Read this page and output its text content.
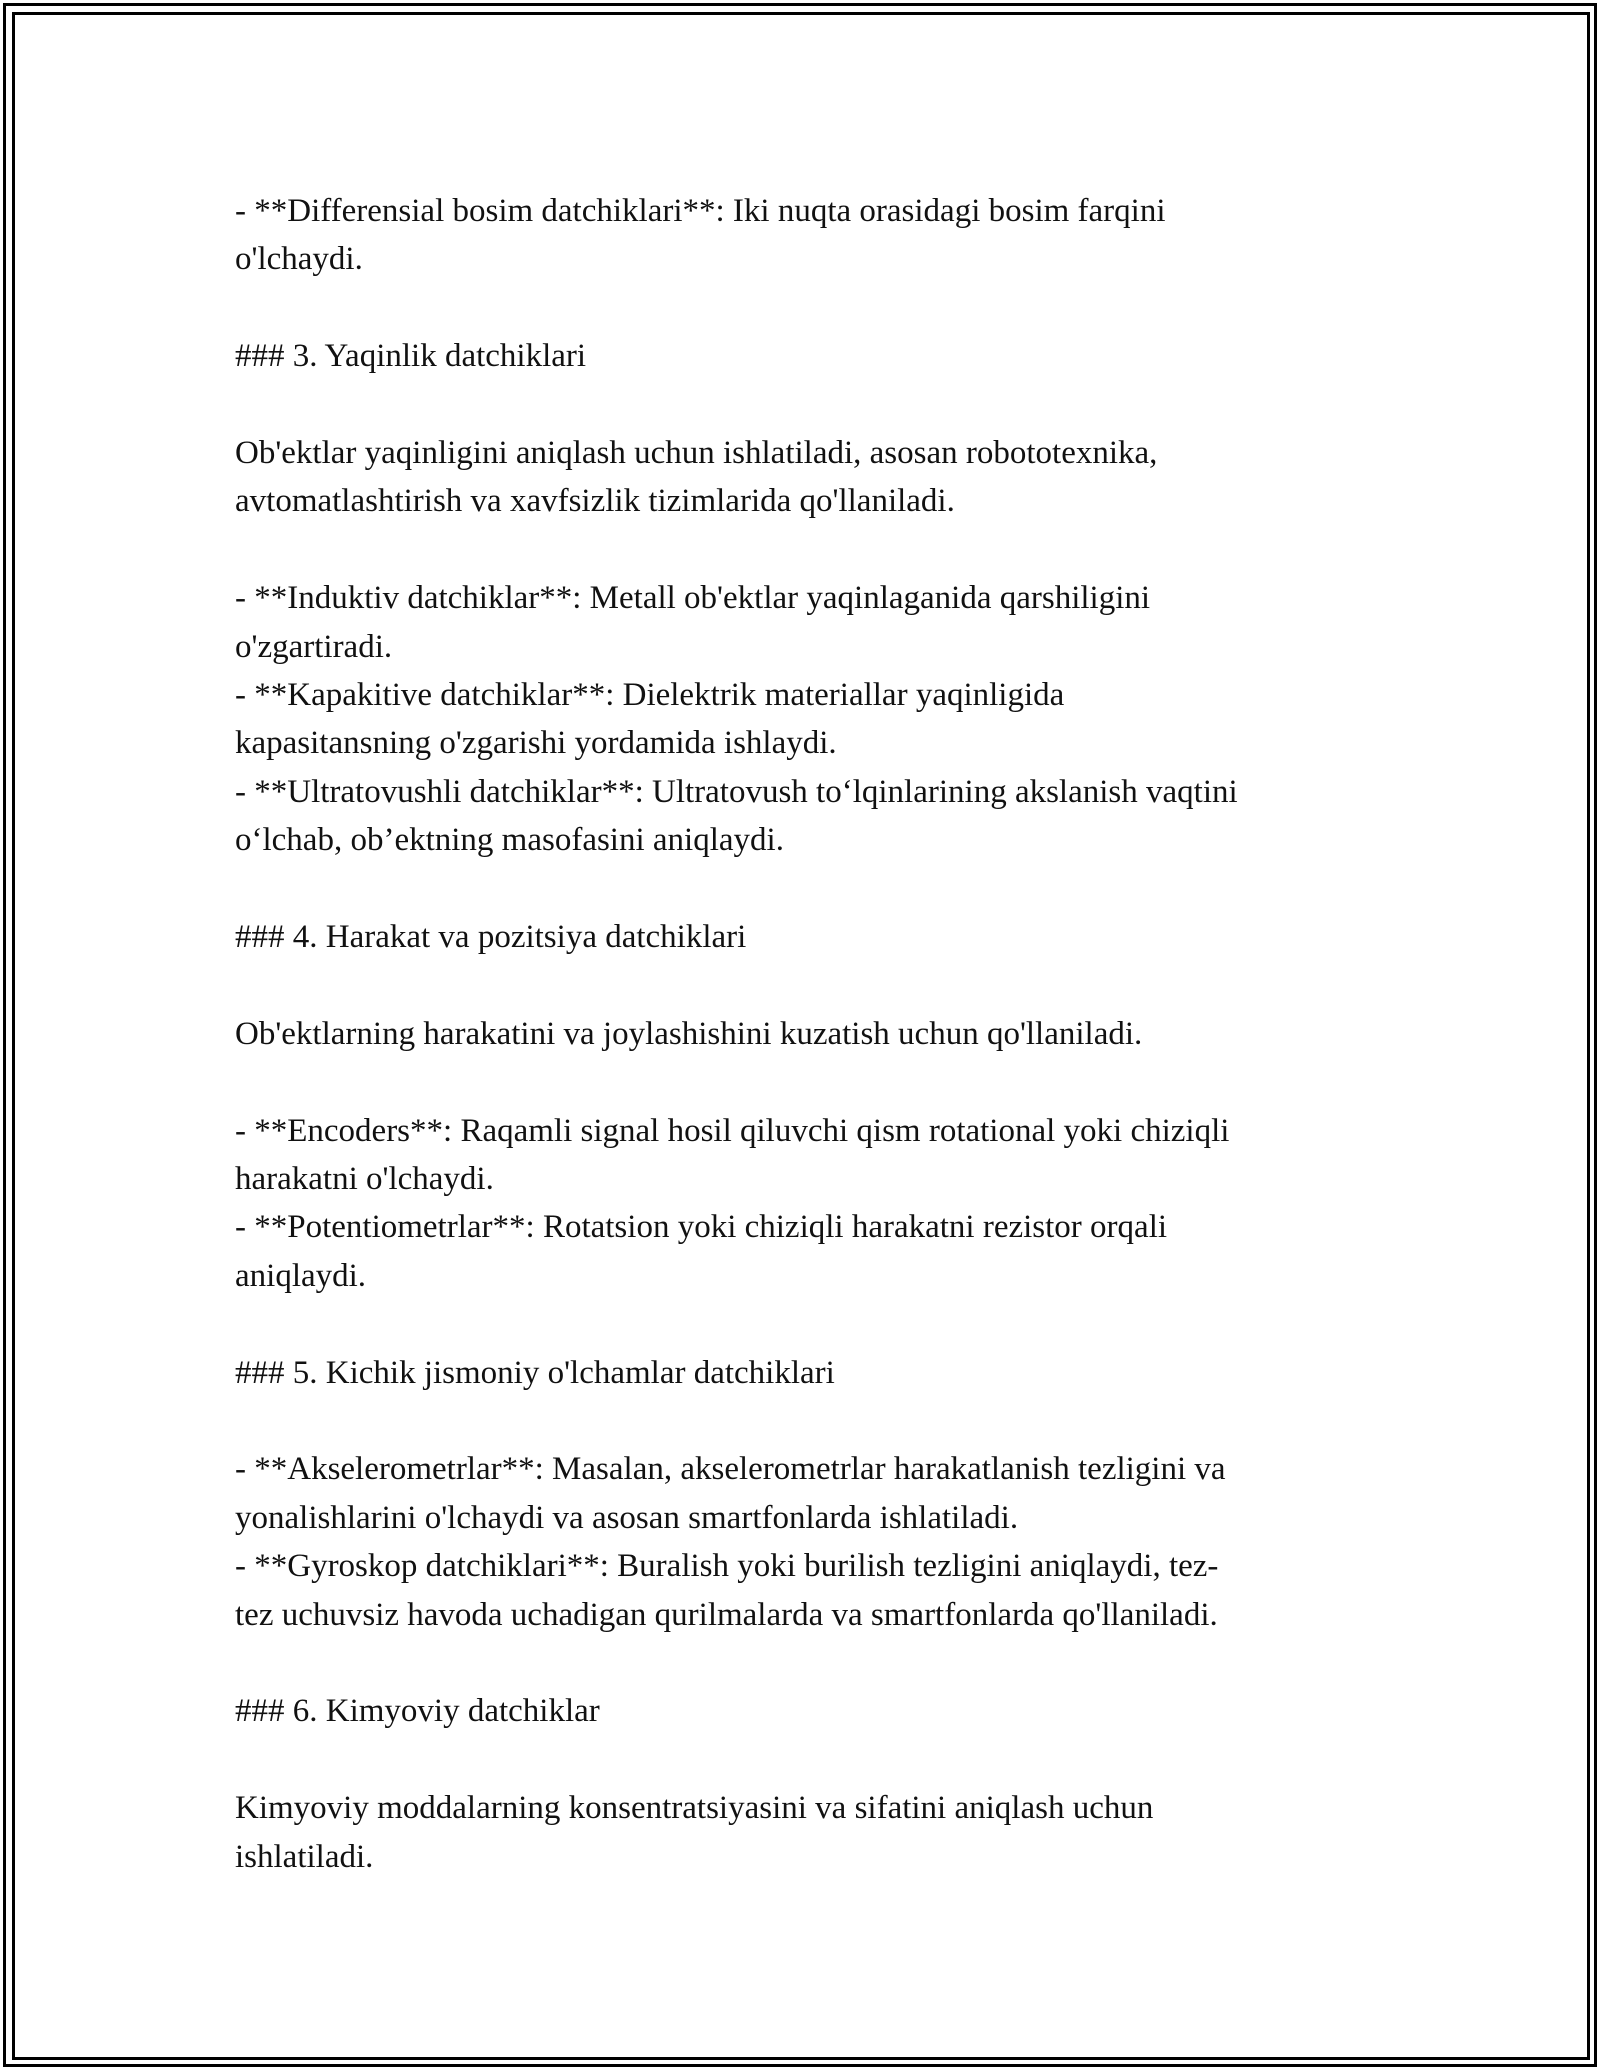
- **Differensial bosim datchiklari**: Iki nuqta orasidagi bosim farqini
o'lchaydi.
### 3. Yaqinlik datchiklari
Ob'ektlar yaqinligini aniqlash uchun ishlatiladi, asosan robototexnika,
avtomatlashtirish va xavfsizlik tizimlarida qo'llaniladi.
- **Induktiv datchiklar**: Metall ob'ektlar yaqinlaganida qarshiligini
o'zgartiradi.
- **Kapakitive datchiklar**: Dielektrik materiallar yaqinligida
kapasitansning o'zgarishi yordamida ishlaydi.
- **Ultratovushli datchiklar**: Ultratovush to‘lqinlarining akslanish vaqtini
o‘lchab, ob’ektning masofasini aniqlaydi.
### 4. Harakat va pozitsiya datchiklari
Ob'ektlarning harakatini va joylashishini kuzatish uchun qo'llaniladi.
- **Encoders**: Raqamli signal hosil qiluvchi qism rotational yoki chiziqli
harakatni o'lchaydi.
- **Potentiometrlar**: Rotatsion yoki chiziqli harakatni rezistor orqali
aniqlaydi.
### 5. Kichik jismoniy o'lchamlar datchiklari
- **Akselerometrlar**: Masalan, akselerometrlar harakatlanish tezligini va
yonalishlarini o'lchaydi va asosan smartfonlarda ishlatiladi.
- **Gyroskop datchiklari**: Buralish yoki burilish tezligini aniqlaydi, tez-
tez uchuvsiz havoda uchadigan qurilmalarda va smartfonlarda qo'llaniladi.
### 6. Kimyoviy datchiklar
Kimyoviy moddalarning konsentratsiyasini va sifatini aniqlash uchun
ishlatiladi.
